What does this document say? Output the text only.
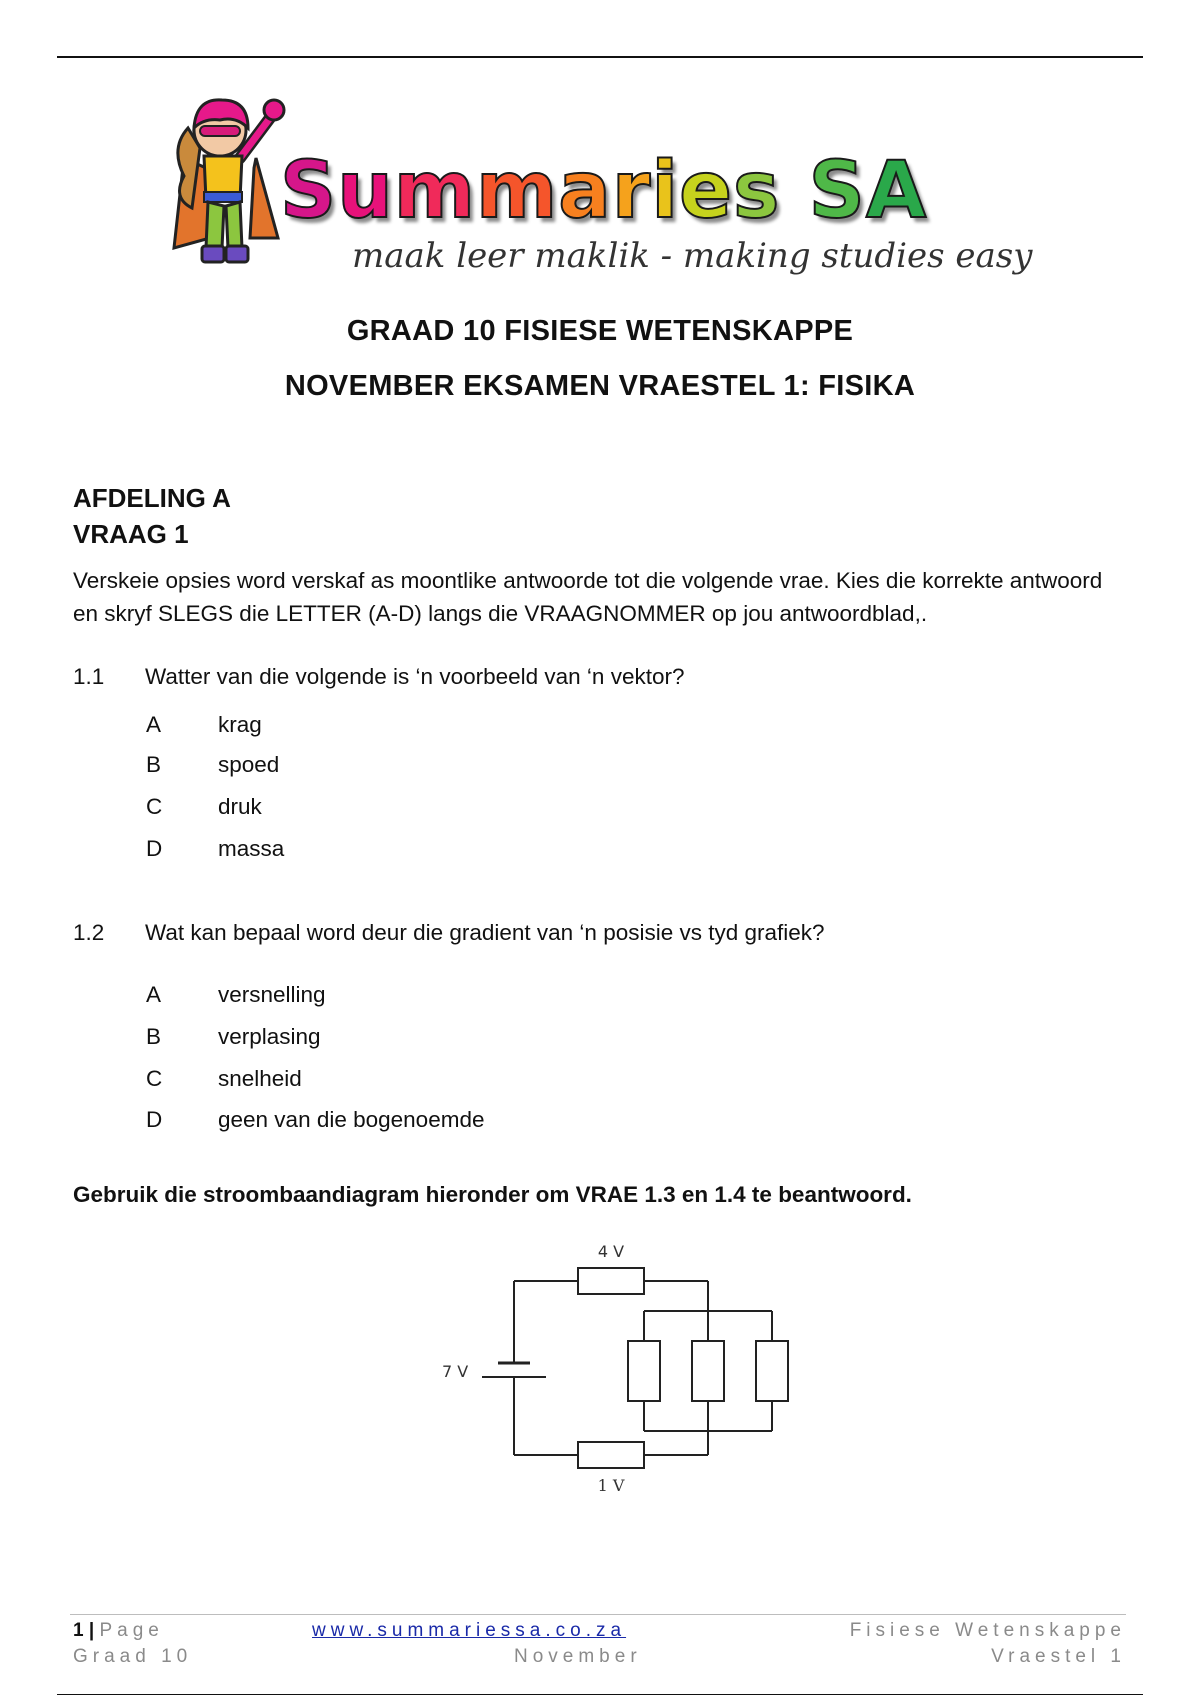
Summaries SA
maak leer maklik - making studies easy
GRAAD 10 FISIESE WETENSKAPPE
NOVEMBER EKSAMEN VRAESTEL 1: FISIKA
AFDELING A
VRAAG 1
Verskeie opsies word verskaf as moontlike antwoorde tot die volgende vrae. Kies die korrekte antwoord en skryf SLEGS die LETTER (A-D) langs die VRAAGNOMMER op jou antwoordblad,.
1.1	Watter van die volgende is ‘n voorbeeld van ‘n vektor?
A	krag
B	spoed
C druk
D massa
1.2	Wat kan bepaal word deur die gradient van ‘n posisie vs tyd grafiek?
A	versnelling
B	verplasing
C snelheid
D geen van die bogenoemde
Gebruik die stroombaandiagram hieronder om VRAE 1.3 en 1.4 te beantwoord.
4 V
1 V
7 V
1 | Page
Graad 10
www.summariessa.co.za
November
Fisiese Wetenskappe
Vraestel 1
